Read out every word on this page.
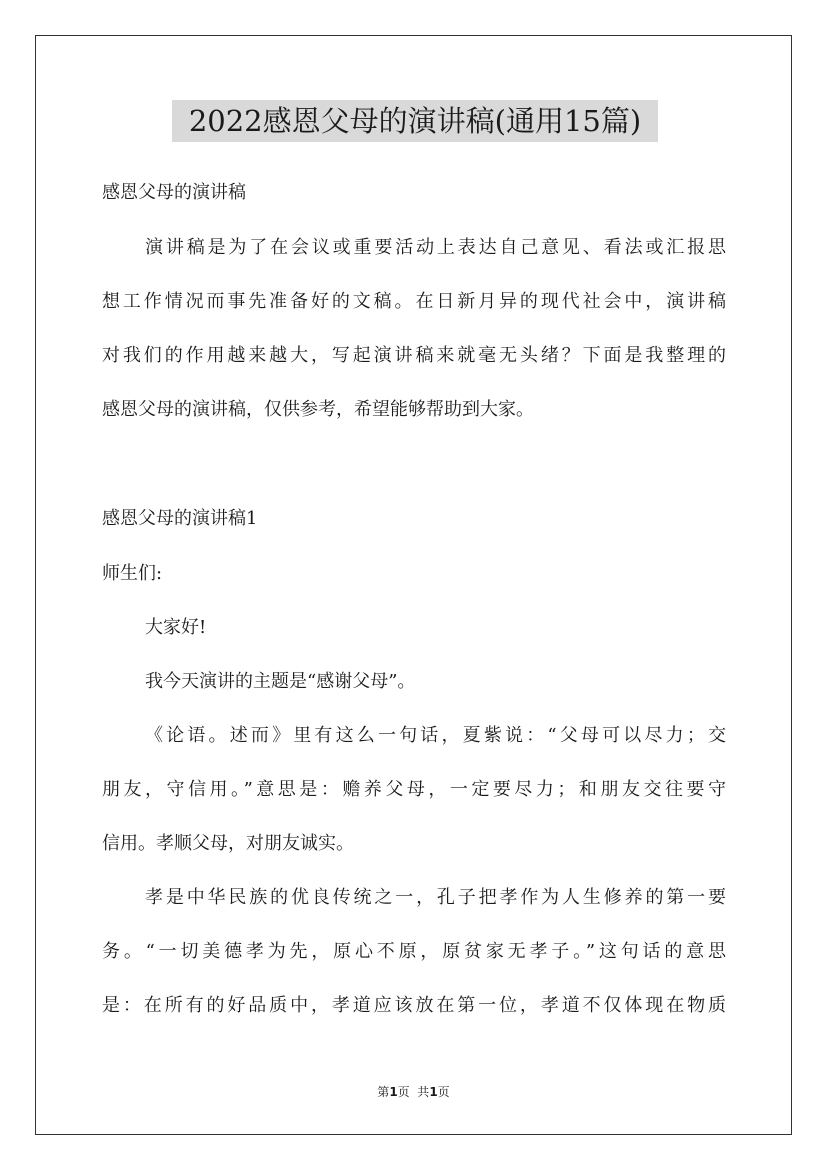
2022感恩父母的演讲稿(通用15篇)
感恩父母的演讲稿
演讲稿是为了在会议或重要活动上表达自己意见、看法或汇报思
想工作情况而事先准备好的文稿。在日新月异的现代社会中，演讲稿
对我们的作用越来越大，写起演讲稿来就毫无头绪？下面是我整理的
感恩父母的演讲稿，仅供参考，希望能够帮助到大家。
感恩父母的演讲稿1
师生们:
大家好!
我今天演讲的主题是“感谢父母”。
《论语。述而》里有这么一句话，夏紫说：“父母可以尽力；交
朋友，守信用。”意思是：赡养父母，一定要尽力；和朋友交往要守
信用。孝顺父母，对朋友诚实。
孝是中华民族的优良传统之一，孔子把孝作为人生修养的第一要
务。“一切美德孝为先，原心不原，原贫家无孝子。”这句话的意思
是：在所有的好品质中，孝道应该放在第一位，孝道不仅体现在物质
第1页  共1页
